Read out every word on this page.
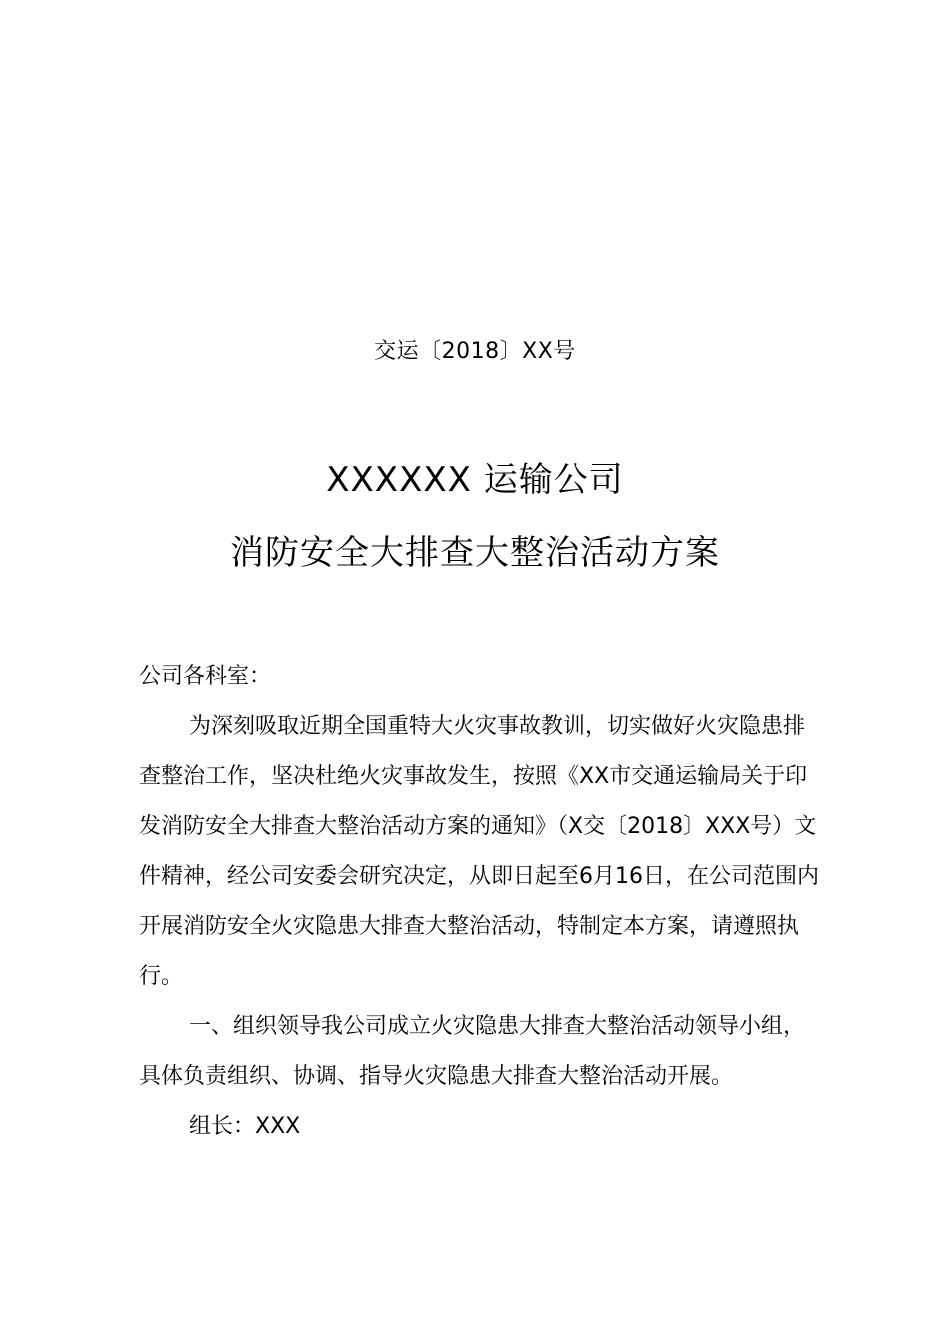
交运〔2018〕XX号
XXXXXX 运输公司
消防安全大排查大整治活动方案

公司各科室：

为深刻吸取近期全国重特大火灾事故教训，切实做好火灾隐患排查整治工作，坚决杜绝火灾事故发生，按照《XX市交通运输局关于印发消防安全大排查大整治活动方案的通知》（X交〔2018〕XXX号）文件精神，经公司安委会研究决定，从即日起至6月16日，在公司范围内开展消防安全火灾隐患大排查大整治活动，特制定本方案，请遵照执行。

一、组织领导我公司成立火灾隐患大排查大整治活动领导小组，具体负责组织、协调、指导火灾隐患大排查大整治活动开展。

组长：XXX
